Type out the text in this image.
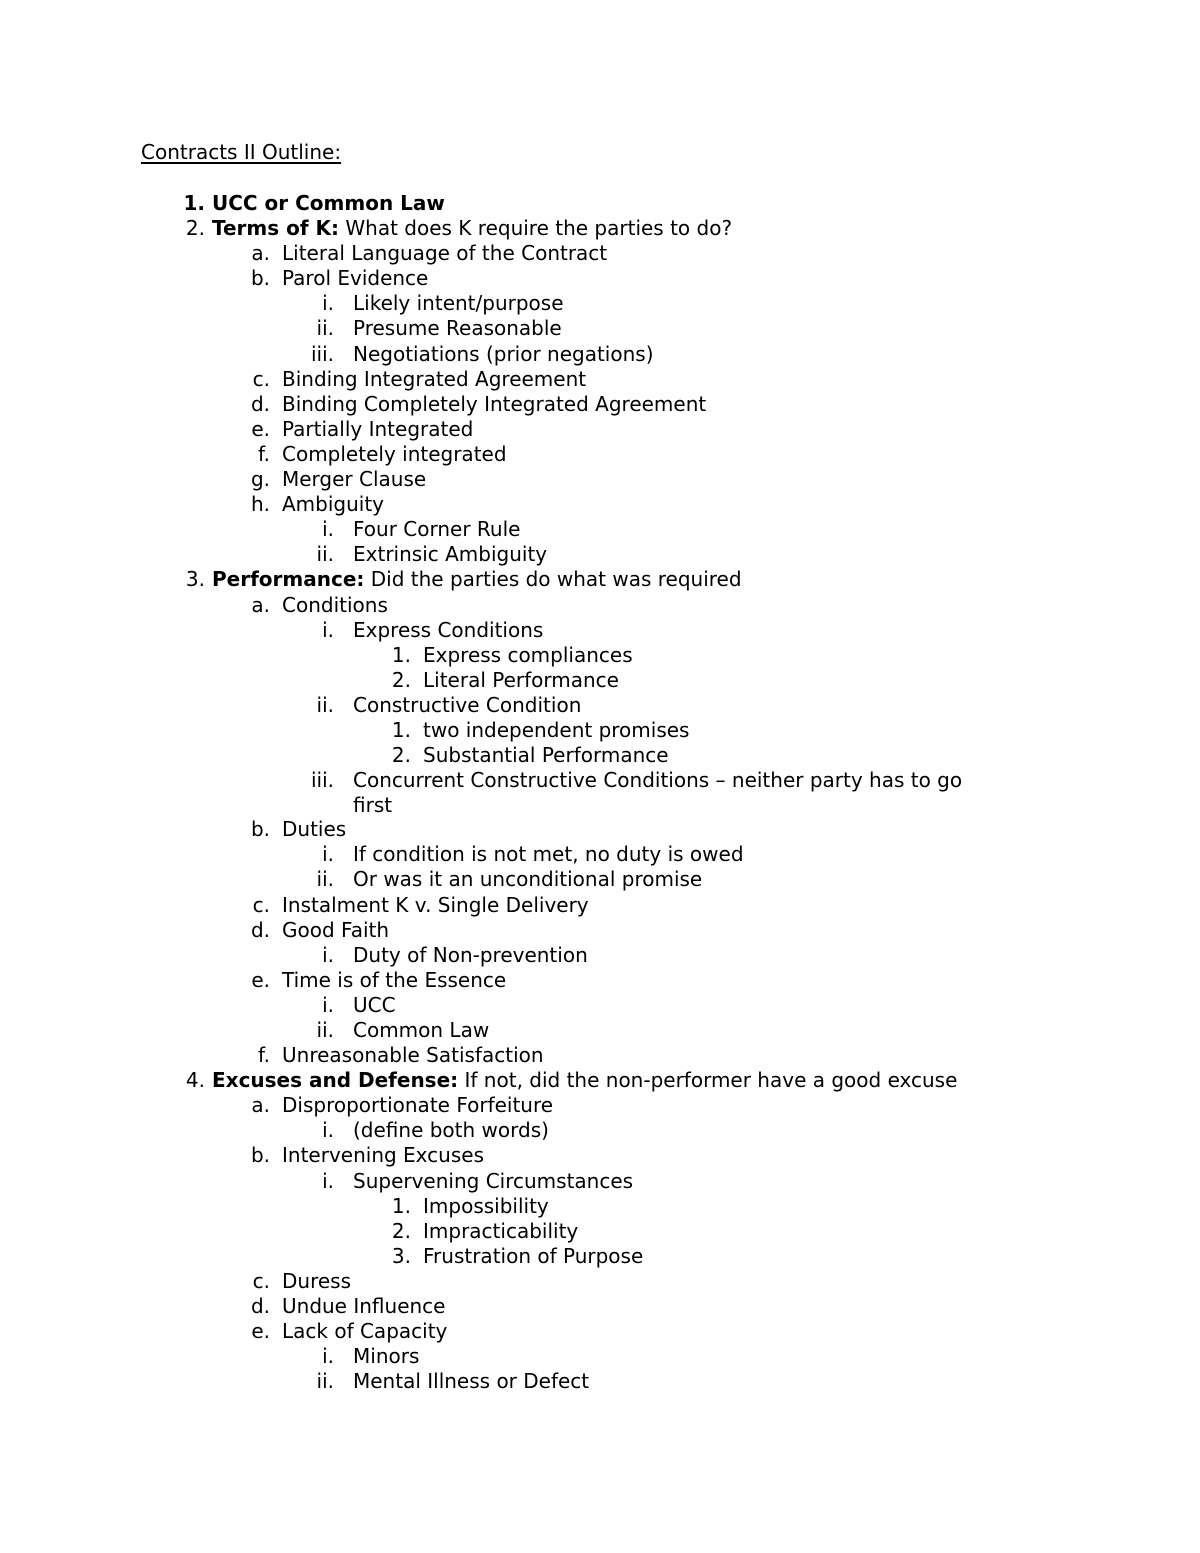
Contracts II Outline:
1. UCC or Common Law
2. Terms of K: What does K require the parties to do?
a. Literal Language of the Contract
b. Parol Evidence
i. Likely intent/purpose
ii. Presume Reasonable
iii. Negotiations (prior negations)
c. Binding Integrated Agreement
d. Binding Completely Integrated Agreement
e. Partially Integrated
f. Completely integrated
g. Merger Clause
h. Ambiguity
i. Four Corner Rule
ii. Extrinsic Ambiguity
3. Performance: Did the parties do what was required
a. Conditions
i. Express Conditions
1. Express compliances
2. Literal Performance
ii. Constructive Condition
1. two independent promises
2. Substantial Performance
iii. Concurrent Constructive Conditions – neither party has to go
first
b. Duties
i. If condition is not met, no duty is owed
ii. Or was it an unconditional promise
c. Instalment K v. Single Delivery
d. Good Faith
i. Duty of Non-prevention
e. Time is of the Essence
i. UCC
ii. Common Law
f. Unreasonable Satisfaction
4. Excuses and Defense: If not, did the non-performer have a good excuse
a. Disproportionate Forfeiture
i. (define both words)
b. Intervening Excuses
i. Supervening Circumstances
1. Impossibility
2. Impracticability
3. Frustration of Purpose
c. Duress
d. Undue Influence
e. Lack of Capacity
i. Minors
ii. Mental Illness or Defect
